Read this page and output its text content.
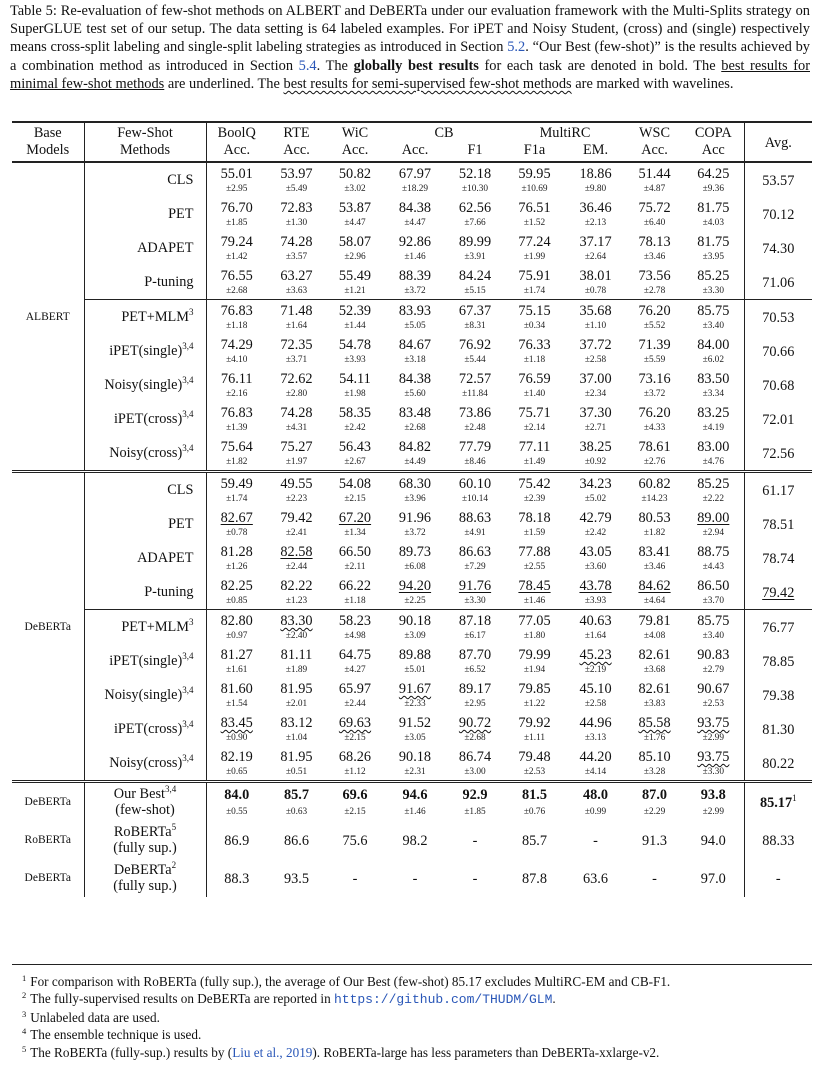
Table 5: Re-evaluation of few-shot methods on ALBERT and DeBERTa under our evaluation framework with the Multi-Splits strategy on SuperGLUE test set of our setup. The data setting is 64 labeled examples. For iPET and Noisy Student, (cross) and (single) respectively means cross-split labeling and single-split labeling strategies as introduced in Section 5.2. “Our Best (few-shot)” is the results achieved by a combination method as introduced in Section 5.4. The globally best results for each task are denoted in bold. The best results for minimal few-shot methods are underlined. The best results for semi-supervised few-shot methods are marked with wavelines.
Base Models	Few-Shot Methods	BoolQ	RTE	WiC	CB		MultiRC		WSC	COPA	Avg.
		Acc.	Acc.	Acc.	Acc.	F1	F1a	EM.	Acc.	Acc	
ALBERT	CLS	55.01	53.97	50.82	67.97	52.18	59.95	18.86	51.44	64.25	53.57
		±2.95	±5.49	±3.02	±18.29	±10.30	±10.69	±9.80	±4.87	±9.36	
	PET	76.70	72.83	53.87	84.38	62.56	76.51	36.46	75.72	81.75	70.12
		±1.85	±1.30	±4.47	±4.47	±7.66	±1.52	±2.13	±6.40	±4.03	
	ADAPET	79.24	74.28	58.07	92.86	89.99	77.24	37.17	78.13	81.75	74.30
		±1.42	±3.57	±2.96	±1.46	±3.91	±1.99	±2.64	±3.46	±3.95	
	P-tuning	76.55	63.27	55.49	88.39	84.24	75.91	38.01	73.56	85.25	71.06
		±2.68	±3.63	±1.21	±3.72	±5.15	±1.74	±0.78	±2.78	±3.30	
	$PET+MLM^3$	76.83	71.48	52.39	83.93	67.37	75.15	35.68	76.20	85.75	70.53
		±1.18	±1.64	±1.44	±5.05	±8.31	±0.34	±1.10	±5.52	±3.40	
	iPET(single)$^{3,4}$	74.29	72.35	54.78	84.67	76.92	76.33	37.72	71.39	84.00	70.66
		±4.10	±3.71	±3.93	±3.18	±5.44	±1.18	±2.58	±5.59	±6.02	
	Noisy(single)$^{3,4}$	76.11	72.62	54.11	84.38	72.57	76.59	37.00	73.16	83.50	70.68
		±2.16	±2.80	±1.98	±5.60	±11.84	±1.40	±2.34	±3.72	±3.34	
	iPET(cross)$^{3,4}$	76.83	74.28	58.35	83.48	73.86	75.71	37.30	76.20	83.25	72.01
		±1.39	±4.31	±2.42	±2.68	±2.48	±2.14	±2.71	±4.33	±4.19	
	Noisy(cross)$^{3,4}$	75.64	75.27	56.43	84.82	77.79	77.11	38.25	78.61	83.00	72.56
		±1.82	±1.97	±2.67	±4.49	±8.46	±1.49	±0.92	±2.76	±4.76	
DeBERTa	CLS	59.49	49.55	54.08	68.30	60.10	75.42	34.23	60.82	85.25	61.17
		±1.74	±2.23	±2.15	±3.96	±10.14	±2.39	±5.02	±14.23	±2.22	
	PET	82.67	79.42	67.20	91.96	88.63	78.18	42.79	80.53	89.00	78.51
		±0.78	±2.41	±1.34	±3.72	±4.91	±1.59	±2.42	±1.82	±2.94	
	ADAPET	81.28	82.58	66.50	89.73	86.63	77.88	43.05	83.41	88.75	78.74
		±1.26	±2.44	±2.11	±6.08	±7.29	±2.55	±3.60	±3.46	±4.43	
	P-tuning	82.25	82.22	66.22	94.20	91.76	78.45	43.78	84.62	86.50	79.42
		±0.85	±1.23	±1.18	±2.25	±3.30	±1.46	±3.93	±4.64	±3.70	
	$PET+MLM^3$	82.80	83.30	58.23	90.18	87.18	77.05	40.63	79.81	85.75	76.77
		±0.97	±2.40	±4.98	±3.09	±6.17	±1.80	±1.64	±4.08	±3.40	
	iPET(single)$^{3,4}$	81.27	81.11	64.75	89.88	87.70	79.99	45.23	82.61	90.83	78.85
		±1.61	±1.89	±4.27	±5.01	±6.52	±1.94	±2.19	±3.68	±2.79	
	Noisy(single)$^{3,4}$	81.60	81.95	65.97	91.67	89.17	79.85	45.10	82.61	90.67	79.38
		±1.54	±2.01	±2.44	±2.33	±2.95	±1.22	±2.58	±3.83	±2.53	
	iPET(cross)$^{3,4}$	83.45	83.12	69.63	91.52	90.72	79.92	44.96	85.58	93.75	81.30
		±0.90	±1.04	±2.15	±3.05	±2.68	±1.11	±3.13	±1.76	±2.99	
	Noisy(cross)$^{3,4}$	82.19	81.95	68.26	90.18	86.74	79.48	44.20	85.10	93.75	80.22
		±0.65	±0.51	±1.12	±2.31	±3.00	±2.53	±4.14	±3.28	±3.30	
DeBERTa	Our Best$^{3,4}$
(few-shot)	84.0	85.7	69.6	94.6	92.9	81.5	48.0	87.0	93.8	85.17$^1$
		±0.55	±0.63	±2.15	±1.46	±1.85	±0.76	±0.99	±2.29	±2.99	
RoBERTa	RoBERTa$^5$
(fully sup.)	86.9	86.6	75.6	98.2	-	85.7	-	91.3	94.0	88.33

DeBERTa	DeBERTa$^2$
(fully sup.)	88.3	93.5	-	-	-	87.8	63.6	-	97.0	-

$^1$ For comparison with RoBERTa (fully sup.), the average of Our Best (few-shot) 85.17 excludes MultiRC-EM and CB-F1.
$^2$ The fully-supervised results on DeBERTa are reported in https://github.com/THUDM/GLM.
$^3$ Unlabeled data are used.
$^4$ The ensemble technique is used.
$^5$ The RoBERTa (fully-sup.) results by (Liu et al., 2019). RoBERTa-large has less parameters than DeBERTa-xxlarge-v2.
